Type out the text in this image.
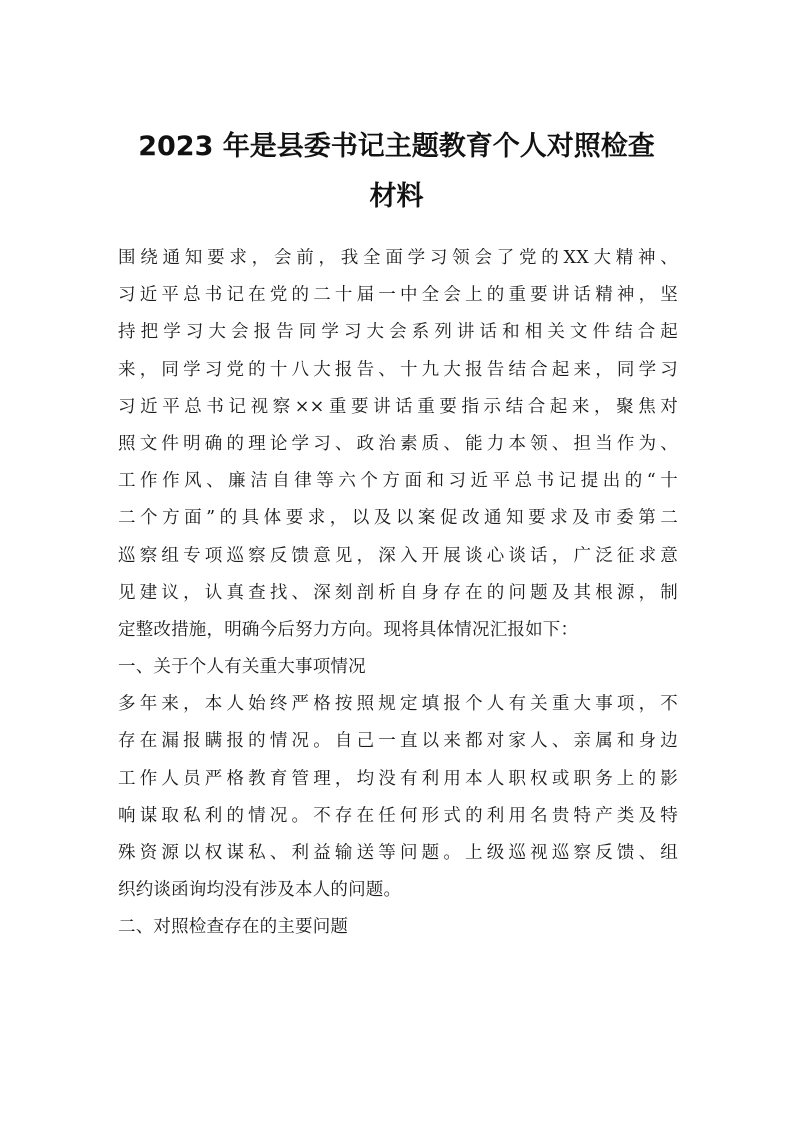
2023 年是县委书记主题教育个人对照检查
材料
围绕通知要求，会前，我全面学习领会了党的XX大精神、
习近平总书记在党的二十届一中全会上的重要讲话精神，坚
持把学习大会报告同学习大会系列讲话和相关文件结合起
来，同学习党的十八大报告、十九大报告结合起来，同学习
习近平总书记视察××重要讲话重要指示结合起来，聚焦对
照文件明确的理论学习、政治素质、能力本领、担当作为、
工作作风、廉洁自律等六个方面和习近平总书记提出的“十
二个方面”的具体要求，以及以案促改通知要求及市委第二
巡察组专项巡察反馈意见，深入开展谈心谈话，广泛征求意
见建议，认真查找、深刻剖析自身存在的问题及其根源，制
定整改措施，明确今后努力方向。现将具体情况汇报如下：
一、关于个人有关重大事项情况
多年来，本人始终严格按照规定填报个人有关重大事项，不
存在漏报瞒报的情况。自己一直以来都对家人、亲属和身边
工作人员严格教育管理，均没有利用本人职权或职务上的影
响谋取私利的情况。不存在任何形式的利用名贵特产类及特
殊资源以权谋私、利益输送等问题。上级巡视巡察反馈、组
织约谈函询均没有涉及本人的问题。
二、对照检查存在的主要问题
